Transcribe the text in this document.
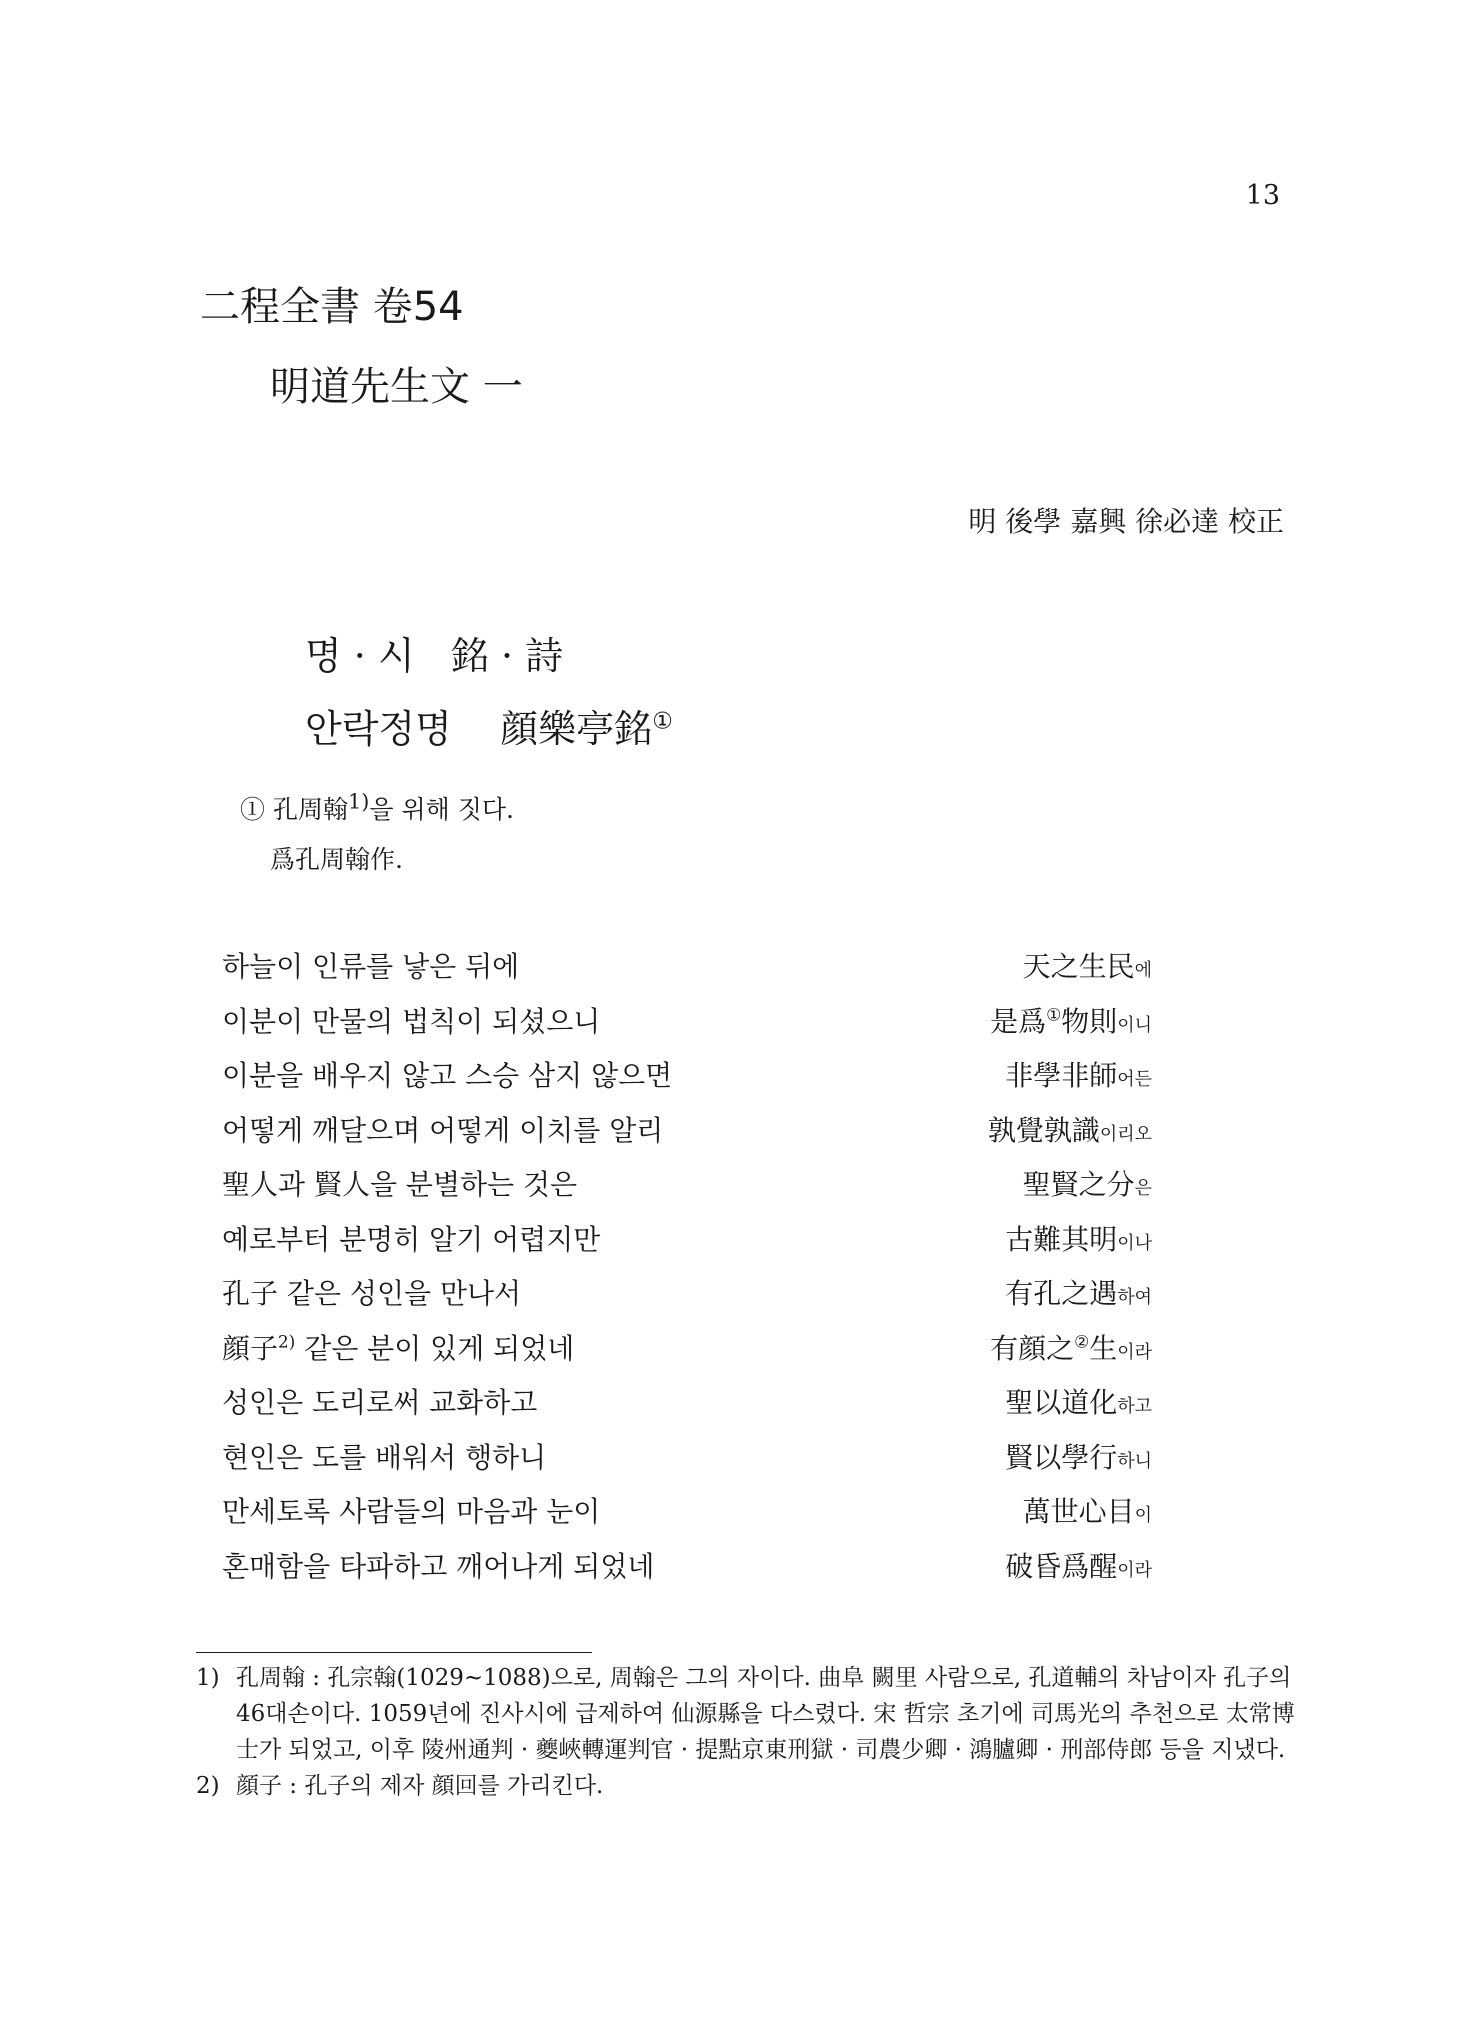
13
二程全書 卷54
明道先生文 一
明 後學 嘉興 徐必達 校正
명 · 시   銘 · 詩
안락정명 顔樂亭銘①
① 孔周翰$^{1)}$을 위해 짓다.
爲孔周翰作.
하늘이 인류를 낳은 뒤에	天之生民에
이분이 만물의 법칙이 되셨으니	是爲①物則이니
이분을 배우지 않고 스승 삼지 않으면	非學非師어든
어떻게 깨달으며 어떻게 이치를 알리	孰覺孰識이리오
聖人과 賢人을 분별하는 것은	聖賢之分은
예로부터 분명히 알기 어렵지만	古難其明이나
孔子 같은 성인을 만나서	有孔之遇하여
顔子$^{2)}$ 같은 분이 있게 되었네	有顔之②生이라
성인은 도리로써 교화하고	聖以道化하고
현인은 도를 배워서 행하니	賢以學行하니
만세토록 사람들의 마음과 눈이	萬世心目이
혼매함을 타파하고 깨어나게 되었네	破昏爲醒이라
1) 孔周翰 : 孔宗翰(1029~1088)으로, 周翰은 그의 자이다. 曲阜 闕里 사람으로, 孔道輔의 차남이자 孔子의 46대손이다. 1059년에 진사시에 급제하여 仙源縣을 다스렸다. 宋 哲宗 초기에 司馬光의 추천으로 太常博士가 되었고, 이후 陵州通判 · 夔峽轉運判官 · 提點京東刑獄 · 司農少卿 · 鴻臚卿 · 刑部侍郎 등을 지냈다.
2) 顔子 : 孔子의 제자 顔回를 가리킨다.
